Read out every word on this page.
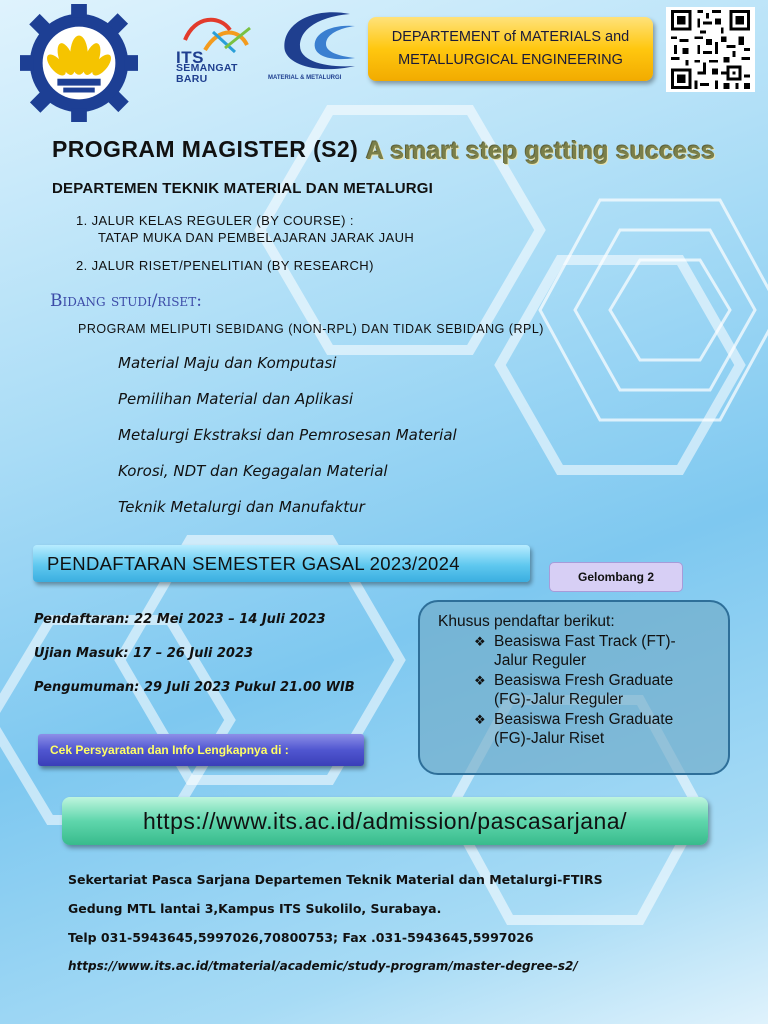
ITS
SEMANGAT
BARU	MATERIAL & METALURGI
DEPARTEMENT of MATERIALS and
METALLURGICAL ENGINEERING
PROGRAM MAGISTER (S2) A smart step getting success
DEPARTEMEN TEKNIK MATERIAL DAN METALURGI
1. JALUR KELAS REGULER (BY COURSE) :
TATAP MUKA DAN PEMBELAJARAN JARAK JAUH
2. JALUR RISET/PENELITIAN (BY RESEARCH)
Bidang studi/riset:
PROGRAM MELIPUTI SEBIDANG (NON-RPL) DAN TIDAK SEBIDANG (RPL)
Material Maju dan Komputasi
Pemilihan Material dan Aplikasi
Metalurgi Ekstraksi dan Pemrosesan Material
Korosi, NDT dan Kegagalan Material
Teknik Metalurgi dan Manufaktur
PENDAFTARAN SEMESTER GASAL 2023/2024
Gelombang 2
Pendaftaran: 22 Mei 2023 – 14 Juli 2023
Ujian Masuk: 17 – 26 Juli 2023
Pengumuman: 29 Juli 2023 Pukul 21.00 WIB
Khusus pendaftar berikut:
❖ Beasiswa Fast Track (FT)-
Jalur Reguler
❖ Beasiswa Fresh Graduate
(FG)-Jalur Reguler
❖ Beasiswa Fresh Graduate
(FG)-Jalur Riset
Cek Persyaratan dan Info Lengkapnya di :
https://www.its.ac.id/admission/pascasarjana/
Sekertariat Pasca Sarjana Departemen Teknik Material dan Metalurgi-FTIRS
Gedung MTL lantai 3,Kampus ITS Sukolilo, Surabaya.
Telp 031-5943645,5997026,70800753; Fax .031-5943645,5997026
https://www.its.ac.id/tmaterial/academic/study-program/master-degree-s2/
